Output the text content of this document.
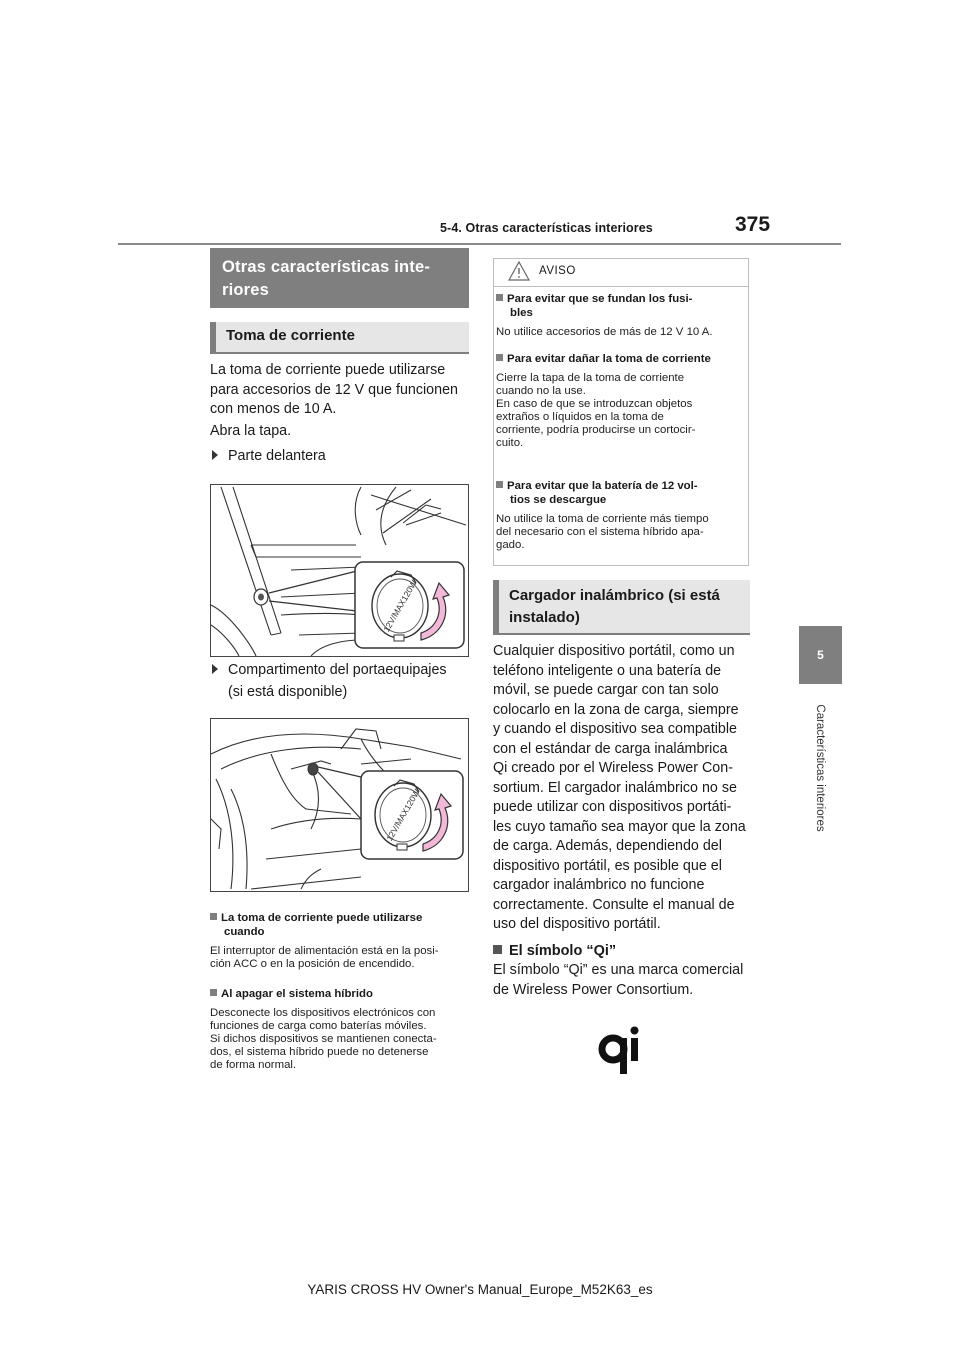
5-4. Otras características interiores	375
5
Características interiores
Otras características inte-
riores
Toma de corriente
La toma de corriente puede utilizarse
para accesorios de 12 V que funcionen
con menos de 10 A.
Abra la tapa.
Parte delantera
12V/MAX120W
Compartimento del portaequipajes
(si está disponible)
12V/MAX120W
La toma de corriente puede utilizarse
cuando
El interruptor de alimentación está en la posi-
ción ACC o en la posición de encendido.
Al apagar el sistema híbrido
Desconecte los dispositivos electrónicos con
funciones de carga como baterías móviles.
Si dichos dispositivos se mantienen conecta-
dos, el sistema híbrido puede no detenerse
de forma normal.
AVISO
Para evitar que se fundan los fusi-
bles
No utilice accesorios de más de 12 V 10 A.
Para evitar dañar la toma de corriente
Cierre la tapa de la toma de corriente
cuando no la use.
En caso de que se introduzcan objetos
extraños o líquidos en la toma de
corriente, podría producirse un cortocir-
cuito.
Para evitar que la batería de 12 vol-
tios se descargue
No utilice la toma de corriente más tiempo
del necesario con el sistema híbrido apa-
gado.
Cargador inalámbrico (si está
instalado)
Cualquier dispositivo portátil, como un
teléfono inteligente o una batería de
móvil, se puede cargar con tan solo
colocarlo en la zona de carga, siempre
y cuando el dispositivo sea compatible
con el estándar de carga inalámbrica
Qi creado por el Wireless Power Con-
sortium. El cargador inalámbrico no se
puede utilizar con dispositivos portáti-
les cuyo tamaño sea mayor que la zona
de carga. Además, dependiendo del
dispositivo portátil, es posible que el
cargador inalámbrico no funcione
correctamente. Consulte el manual de
uso del dispositivo portátil.
El símbolo “Qi”
El símbolo “Qi” es una marca comercial
de Wireless Power Consortium.
YARIS CROSS HV Owner's Manual_Europe_M52K63_es
